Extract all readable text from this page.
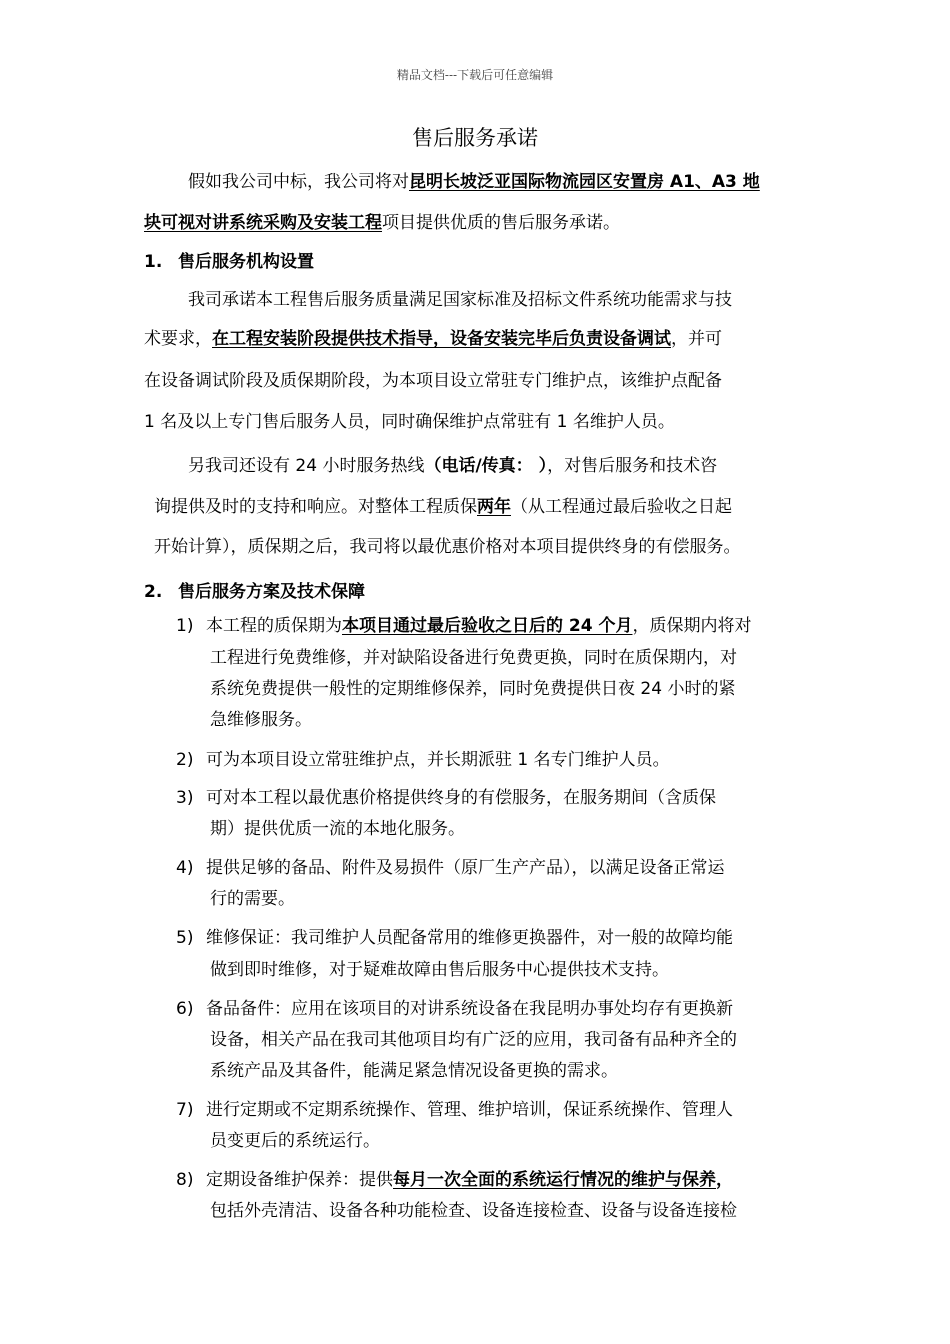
精品文档---下载后可任意编辑
售后服务承诺
假如我公司中标，我公司将对昆明长坡泛亚国际物流园区安置房 A1、A3 地
块可视对讲系统采购及安装工程项目提供优质的售后服务承诺。
1. 售后服务机构设置
我司承诺本工程售后服务质量满足国家标准及招标文件系统功能需求与技
术要求，在工程安装阶段提供技术指导，设备安装完毕后负责设备调试，并可
在设备调试阶段及质保期阶段，为本项目设立常驻专门维护点，该维护点配备
1 名及以上专门售后服务人员，同时确保维护点常驻有 1 名维护人员。
另我司还设有 24 小时服务热线（电话/传真： ），对售后服务和技术咨
询提供及时的支持和响应。对整体工程质保两年（从工程通过最后验收之日起
开始计算），质保期之后，我司将以最优惠价格对本项目提供终身的有偿服务。
2. 售后服务方案及技术保障
1) 本工程的质保期为本项目通过最后验收之日后的 24 个月，质保期内将对
工程进行免费维修，并对缺陷设备进行免费更换，同时在质保期内，对
系统免费提供一般性的定期维修保养，同时免费提供日夜 24 小时的紧
急维修服务。
2) 可为本项目设立常驻维护点，并长期派驻 1 名专门维护人员。
3) 可对本工程以最优惠价格提供终身的有偿服务，在服务期间（含质保
期）提供优质一流的本地化服务。
4) 提供足够的备品、附件及易损件（原厂生产产品），以满足设备正常运
行的需要。
5) 维修保证：我司维护人员配备常用的维修更换器件，对一般的故障均能
做到即时维修，对于疑难故障由售后服务中心提供技术支持。
6) 备品备件：应用在该项目的对讲系统设备在我昆明办事处均存有更换新
设备，相关产品在我司其他项目均有广泛的应用，我司备有品种齐全的
系统产品及其备件，能满足紧急情况设备更换的需求。
7) 进行定期或不定期系统操作、管理、维护培训，保证系统操作、管理人
员变更后的系统运行。
8) 定期设备维护保养：提供每月一次全面的系统运行情况的维护与保养，
包括外壳清洁、设备各种功能检查、设备连接检查、设备与设备连接检
